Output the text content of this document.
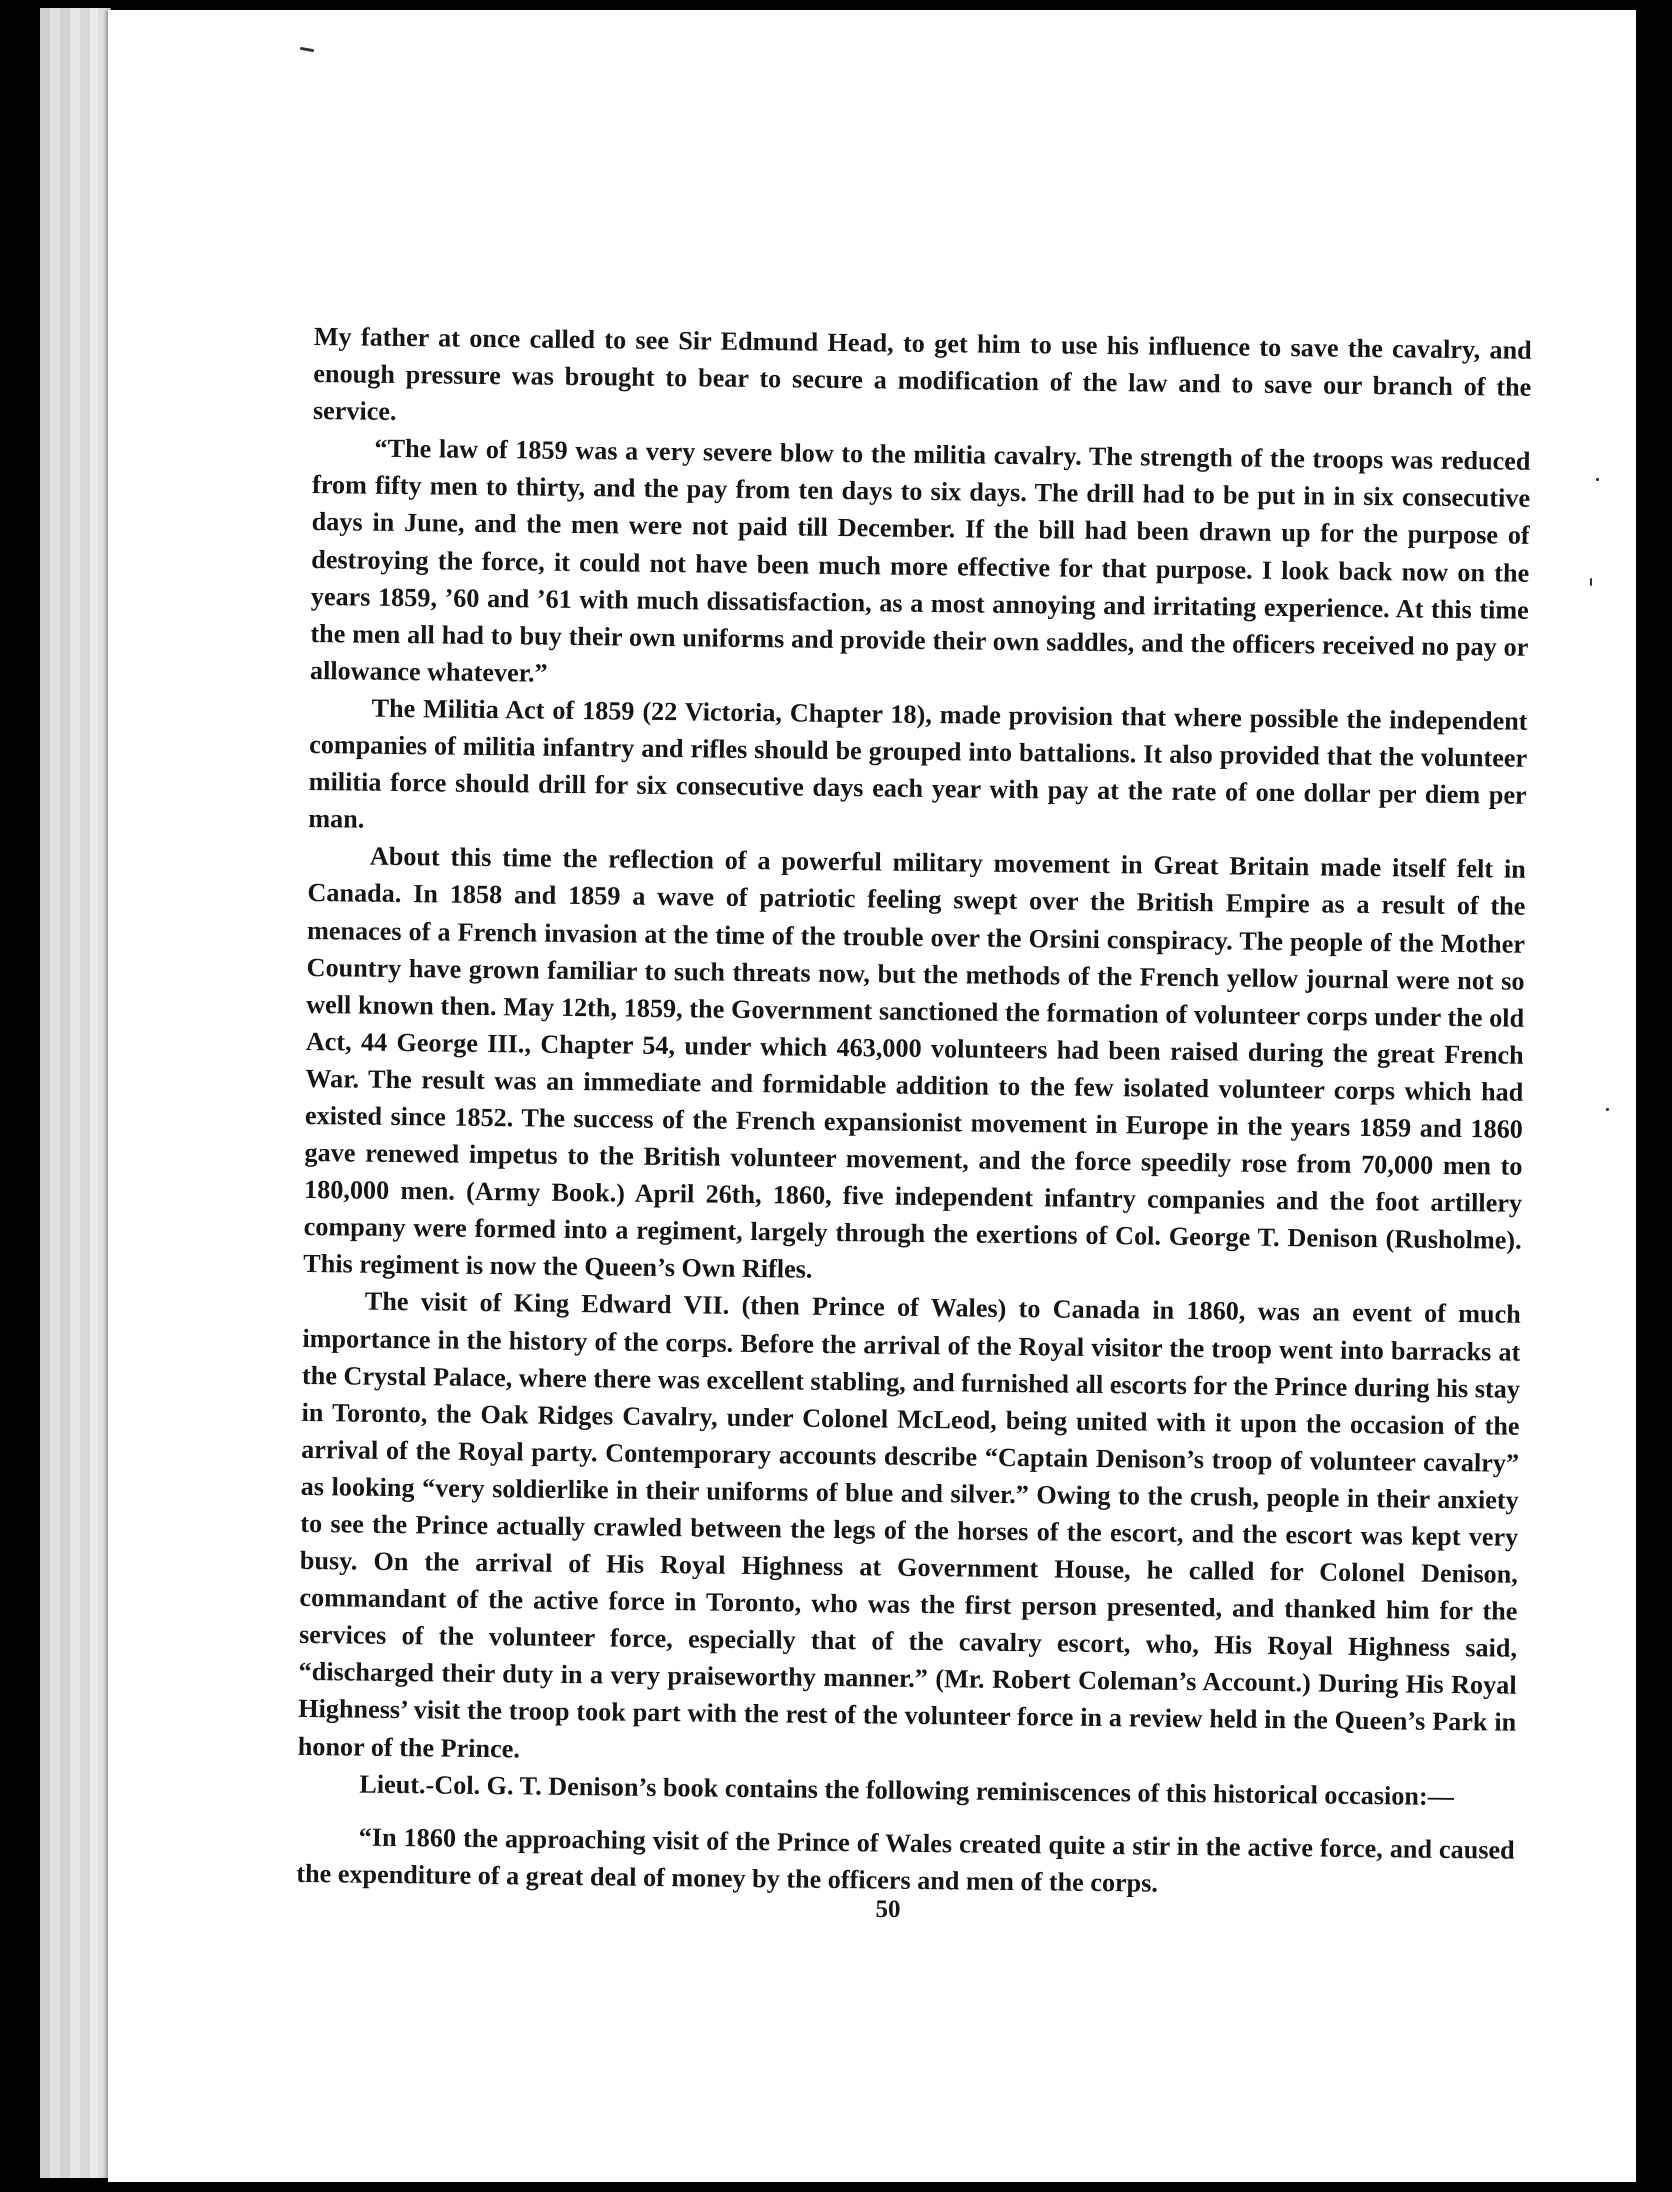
My father at once called to see Sir Edmund Head, to get him to use his influence to save the cavalry, and enough pressure was brought to bear to secure a modification of the law and to save our branch of the service.

“The law of 1859 was a very severe blow to the militia cavalry. The strength of the troops was reduced from fifty men to thirty, and the pay from ten days to six days. The drill had to be put in in six consecutive days in June, and the men were not paid till December. If the bill had been drawn up for the purpose of destroying the force, it could not have been much more effective for that purpose. I look back now on the years 1859, ’60 and ’61 with much dissatisfaction, as a most annoying and irritating experience. At this time the men all had to buy their own uniforms and provide their own saddles, and the officers received no pay or allowance whatever.”

The Militia Act of 1859 (22 Victoria, Chapter 18), made provision that where possible the independent companies of militia infantry and rifles should be grouped into battalions. It also provided that the volunteer militia force should drill for six consecutive days each year with pay at the rate of one dollar per diem per man.

About this time the reflection of a powerful military movement in Great Britain made itself felt in Canada. In 1858 and 1859 a wave of patriotic feeling swept over the British Empire as a result of the menaces of a French invasion at the time of the trouble over the Orsini conspiracy. The people of the Mother Country have grown familiar to such threats now, but the methods of the French yellow journal were not so well known then. May 12th, 1859, the Government sanctioned the formation of volunteer corps under the old Act, 44 George III., Chapter 54, under which 463,000 volunteers had been raised during the great French War. The result was an immediate and formidable addition to the few isolated volunteer corps which had existed since 1852. The success of the French expansionist movement in Europe in the years 1859 and 1860 gave renewed impetus to the British volunteer movement, and the force speedily rose from 70,000 men to 180,000 men. (Army Book.) April 26th, 1860, five independent infantry companies and the foot artillery company were formed into a regiment, largely through the exertions of Col. George T. Denison (Rusholme). This regiment is now the Queen’s Own Rifles.

The visit of King Edward VII. (then Prince of Wales) to Canada in 1860, was an event of much importance in the history of the corps. Before the arrival of the Royal visitor the troop went into barracks at the Crystal Palace, where there was excellent stabling, and furnished all escorts for the Prince during his stay in Toronto, the Oak Ridges Cavalry, under Colonel McLeod, being united with it upon the occasion of the arrival of the Royal party. Contemporary accounts describe “Captain Denison’s troop of volunteer cavalry” as looking “very soldierlike in their uniforms of blue and silver.” Owing to the crush, people in their anxiety to see the Prince actually crawled between the legs of the horses of the escort, and the escort was kept very busy. On the arrival of His Royal Highness at Government House, he called for Colonel Denison, commandant of the active force in Toronto, who was the first person presented, and thanked him for the services of the volunteer force, especially that of the cavalry escort, who, His Royal Highness said, “discharged their duty in a very praiseworthy manner.” (Mr. Robert Coleman’s Account.) During His Royal Highness’ visit the troop took part with the rest of the volunteer force in a review held in the Queen’s Park in honor of the Prince.

Lieut.-Col. G. T. Denison’s book contains the following reminiscences of this historical occasion:—

“In 1860 the approaching visit of the Prince of Wales created quite a stir in the active force, and caused the expenditure of a great deal of money by the officers and men of the corps.

50
